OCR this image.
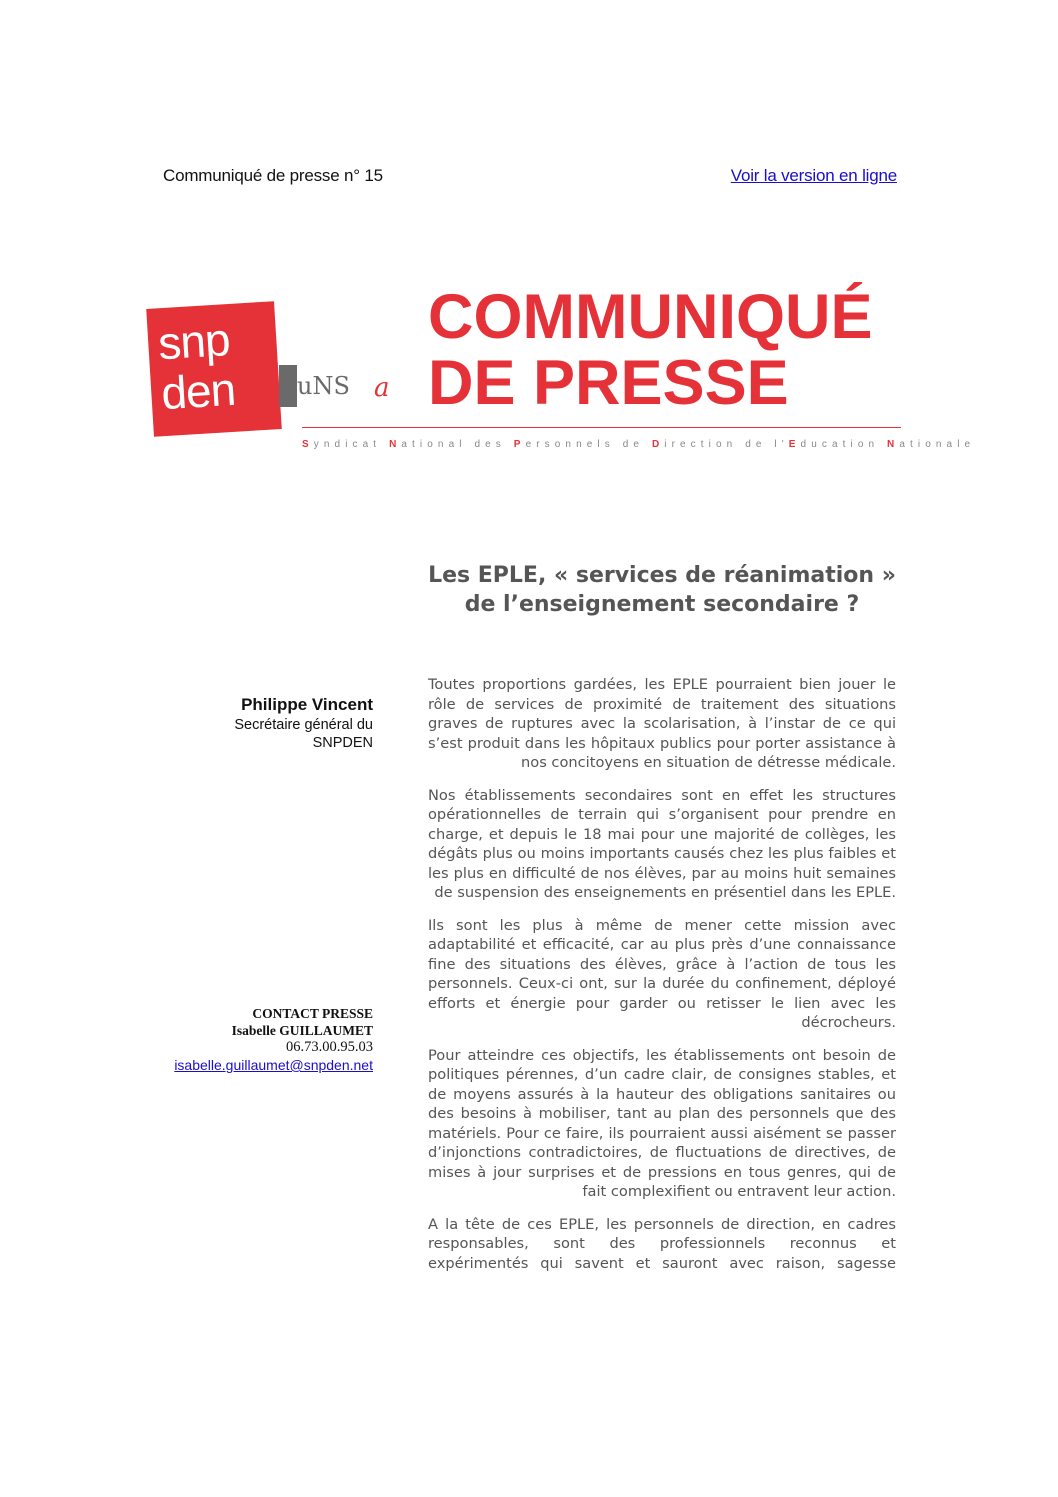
Communiqué de presse n° 15	Voir la version en ligne
snp
den	uNS a
COMMUNIQUÉ
DE PRESSE
Syndicat National des Personnels de Direction de l'Education Nationale
Les EPLE, « services de réanimation » de l’enseignement secondaire ?
Philippe Vincent
Secrétaire général du
SNPDEN
CONTACT PRESSE
Isabelle GUILLAUMET
06.73.00.95.03
isabelle.guillaumet@snpden.net

Toutes proportions gardées, les EPLE pourraient bien jouer le rôle de services de proximité de traitement des situations graves de ruptures avec la scolarisation, à l’instar de ce qui s’est produit dans les hôpitaux publics pour porter assistance à nos concitoyens en situation de détresse médicale.

Nos établissements secondaires sont en effet les structures opérationnelles de terrain qui s’organisent pour prendre en charge, et depuis le 18 mai pour une majorité de collèges, les dégâts plus ou moins importants causés chez les plus faibles et les plus en difficulté de nos élèves, par au moins huit semaines de suspension des enseignements en présentiel dans les EPLE.

Ils sont les plus à même de mener cette mission avec adaptabilité et efficacité, car au plus près d’une connaissance fine des situations des élèves, grâce à l’action de tous les personnels. Ceux-ci ont, sur la durée du confinement, déployé efforts et énergie pour garder ou retisser le lien avec les décrocheurs.

Pour atteindre ces objectifs, les établissements ont besoin de politiques pérennes, d’un cadre clair, de consignes stables, et de moyens assurés à la hauteur des obligations sanitaires ou des besoins à mobiliser, tant au plan des personnels que des matériels. Pour ce faire, ils pourraient aussi aisément se passer d’injonctions contradictoires, de fluctuations de directives, de mises à jour surprises et de pressions en tous genres, qui de fait complexifient ou entravent leur action.

A la tête de ces EPLE, les personnels de direction, en cadres responsables, sont des professionnels reconnus et expérimentés qui savent et sauront avec raison, sagesse
